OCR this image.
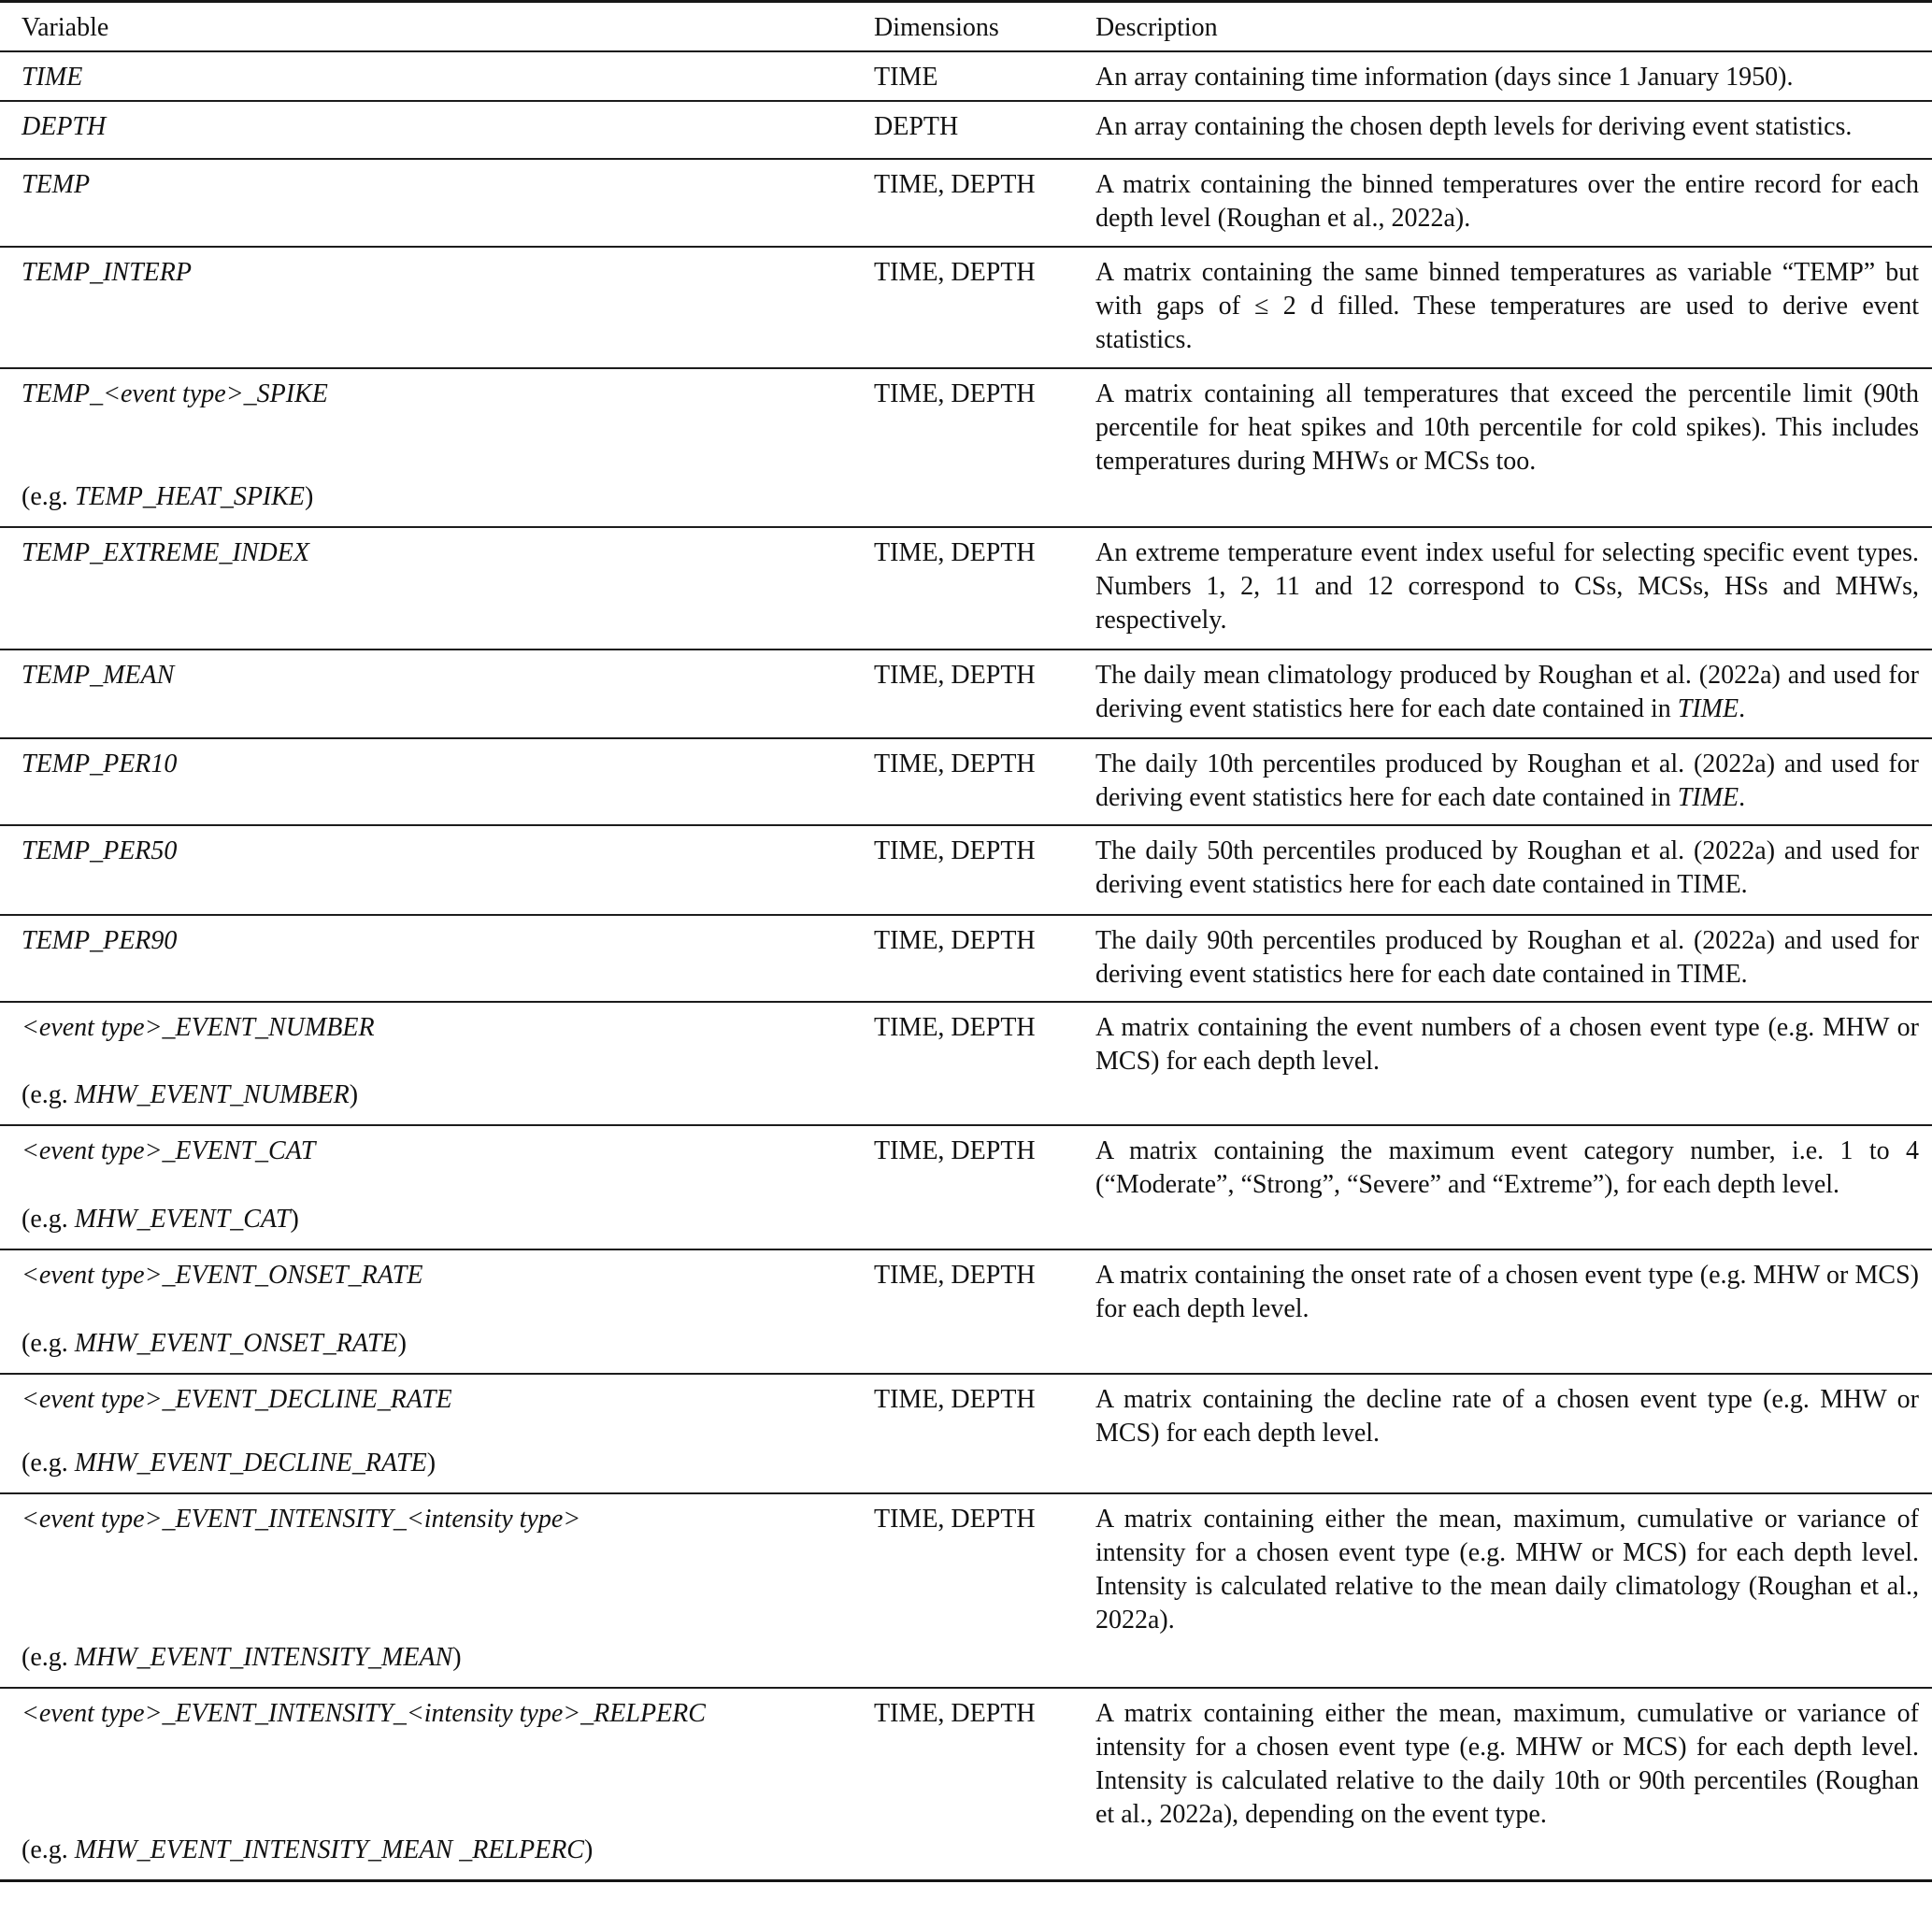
Variable	Dimensions	Description

TIME	TIME	An array containing time information (days since 1 January 1950).

DEPTH	DEPTH	An array containing the chosen depth levels for deriving event statistics.

TEMP	TIME, DEPTH	A matrix containing the binned temperatures over the entire record for each depth level (Roughan et al., 2022a).

TEMP_INTERP	TIME, DEPTH	A matrix containing the same binned temperatures as variable “TEMP” but with gaps of ≤ 2 d filled. These temperatures are used to derive event statistics.

TEMP_<event type>_SPIKE
(e.g. TEMP_HEAT_SPIKE)	TIME, DEPTH	A matrix containing all temperatures that exceed the percentile limit (90th percentile for heat spikes and 10th percentile for cold spikes). This includes temperatures during MHWs or MCSs too.

TEMP_EXTREME_INDEX	TIME, DEPTH	An extreme temperature event index useful for selecting specific event types. Numbers 1, 2, 11 and 12 correspond to CSs, MCSs, HSs and MHWs, respectively.

TEMP_MEAN	TIME, DEPTH	The daily mean climatology produced by Roughan et al. (2022a) and used for deriving event statistics here for each date contained in TIME.

TEMP_PER10	TIME, DEPTH	The daily 10th percentiles produced by Roughan et al. (2022a) and used for deriving event statistics here for each date contained in TIME.

TEMP_PER50	TIME, DEPTH	The daily 50th percentiles produced by Roughan et al. (2022a) and used for deriving event statistics here for each date contained in TIME.

TEMP_PER90	TIME, DEPTH	The daily 90th percentiles produced by Roughan et al. (2022a) and used for deriving event statistics here for each date contained in TIME.

<event type>_EVENT_NUMBER
(e.g. MHW_EVENT_NUMBER)	TIME, DEPTH	A matrix containing the event numbers of a chosen event type (e.g. MHW or MCS) for each depth level.

<event type>_EVENT_CAT
(e.g. MHW_EVENT_CAT)	TIME, DEPTH	A matrix containing the maximum event category number, i.e. 1 to 4 (“Moderate”, “Strong”, “Severe” and “Extreme”), for each depth level.

<event type>_EVENT_ONSET_RATE
(e.g. MHW_EVENT_ONSET_RATE)	TIME, DEPTH	A matrix containing the onset rate of a chosen event type (e.g. MHW or MCS) for each depth level.

<event type>_EVENT_DECLINE_RATE
(e.g. MHW_EVENT_DECLINE_RATE)	TIME, DEPTH	A matrix containing the decline rate of a chosen event type (e.g. MHW or MCS) for each depth level.

<event type>_EVENT_INTENSITY_<intensity type>
(e.g. MHW_EVENT_INTENSITY_MEAN)	TIME, DEPTH	A matrix containing either the mean, maximum, cumulative or variance of intensity for a chosen event type (e.g. MHW or MCS) for each depth level. Intensity is calculated relative to the mean daily climatology (Roughan et al., 2022a).

<event type>_EVENT_INTENSITY_<intensity type>_RELPERC
(e.g. MHW_EVENT_INTENSITY_MEAN _RELPERC)	TIME, DEPTH	A matrix containing either the mean, maximum, cumulative or variance of intensity for a chosen event type (e.g. MHW or MCS) for each depth level. Intensity is calculated relative to the daily 10th or 90th percentiles (Roughan et al., 2022a), depending on the event type.
